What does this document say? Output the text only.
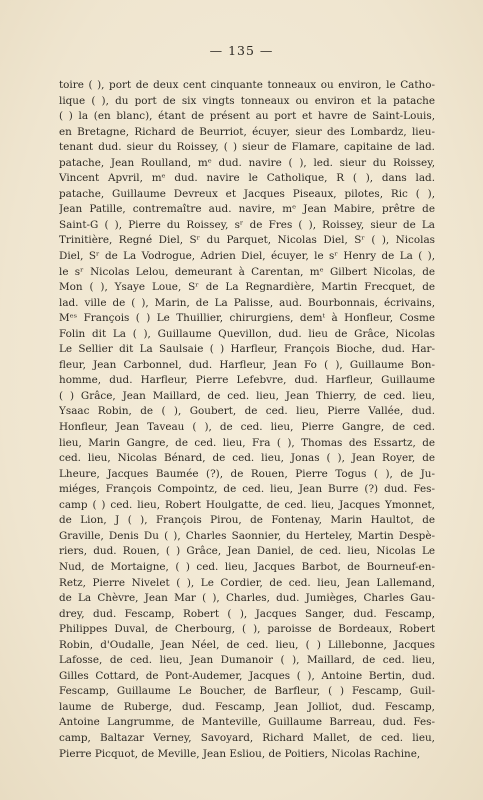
— 135 —
toire ( ), port de deux cent cinquante tonneaux ou environ, le Catho-
lique ( ), du port de six vingts tonneaux ou environ et la patache
( ) la (en blanc), étant de présent au port et havre de Saint-Louis,
en Bretagne, Richard de Beurriot, écuyer, sieur des Lombardz, lieu-
tenant dud. sieur du Roissey, ( ) sieur de Flamare, capitaine de lad.
patache, Jean Roulland, mᵉ dud. navire ( ), led. sieur du Roissey,
Vincent Apvril, mᵉ dud. navire le Catholique, R ( ), dans lad.
patache, Guillaume Devreux et Jacques Piseaux, pilotes, Ric ( ),
Jean Patille, contremaître aud. navire, mᵉ Jean Mabire, prêtre de
Saint-G ( ), Pierre du Roissey, sʳ de Fres ( ), Roissey, sieur de La
Trinitière, Regné Diel, Sʳ du Parquet, Nicolas Diel, Sʳ ( ), Nicolas
Diel, Sʳ de La Vodrogue, Adrien Diel, écuyer, le sʳ Henry de La ( ),
le sʳ Nicolas Lelou, demeurant à Carentan, mᵉ Gilbert Nicolas, de
Mon ( ), Ysaye Loue, Sʳ de La Regnardière, Martin Frecquet, de
lad. ville de ( ), Marin, de La Palisse, aud. Bourbonnais, écrivains,
Mᵉˢ François ( ) Le Thuillier, chirurgiens, demᵗ à Honfleur, Cosme
Folin dit La ( ), Guillaume Quevillon, dud. lieu de Grâce, Nicolas
Le Sellier dit La Saulsaie ( ) Harfleur, François Bioche, dud. Har-
fleur, Jean Carbonnel, dud. Harfleur, Jean Fo ( ), Guillaume Bon-
homme, dud. Harfleur, Pierre Lefebvre, dud. Harfleur, Guillaume
( ) Grâce, Jean Maillard, de ced. lieu, Jean Thierry, de ced. lieu,
Ysaac Robin, de ( ), Goubert, de ced. lieu, Pierre Vallée, dud.
Honfleur, Jean Taveau ( ), de ced. lieu, Pierre Gangre, de ced.
lieu, Marin Gangre, de ced. lieu, Fra ( ), Thomas des Essartz, de
ced. lieu, Nicolas Bénard, de ced. lieu, Jonas ( ), Jean Royer, de
Lheure, Jacques Baumée (?), de Rouen, Pierre Togus ( ), de Ju-
miéges, François Compointz, de ced. lieu, Jean Burre (?) dud. Fes-
camp ( ) ced. lieu, Robert Houlgatte, de ced. lieu, Jacques Ymonnet,
de Lion, J ( ), François Pirou, de Fontenay, Marin Haultot, de
Graville, Denis Du ( ), Charles Saonnier, du Herteley, Martin Despè-
riers, dud. Rouen, ( ) Grâce, Jean Daniel, de ced. lieu, Nicolas Le
Nud, de Mortaigne, ( ) ced. lieu, Jacques Barbot, de Bourneuf-en-
Retz, Pierre Nivelet ( ), Le Cordier, de ced. lieu, Jean Lallemand,
de La Chèvre, Jean Mar ( ), Charles, dud. Jumièges, Charles Gau-
drey, dud. Fescamp, Robert ( ), Jacques Sanger, dud. Fescamp,
Philippes Duval, de Cherbourg, ( ), paroisse de Bordeaux, Robert
Robin, d'Oudalle, Jean Néel, de ced. lieu, ( ) Lillebonne, Jacques
Lafosse, de ced. lieu, Jean Dumanoir ( ), Maillard, de ced. lieu,
Gilles Cottard, de Pont-Audemer, Jacques ( ), Antoine Bertin, dud.
Fescamp, Guillaume Le Boucher, de Barfleur, ( ) Fescamp, Guil-
laume de Ruberge, dud. Fescamp, Jean Jolliot, dud. Fescamp,
Antoine Langrumme, de Manteville, Guillaume Barreau, dud. Fes-
camp, Baltazar Verney, Savoyard, Richard Mallet, de ced. lieu,
Pierre Picquot, de Meville, Jean Esliou, de Poitiers, Nicolas Rachine,
